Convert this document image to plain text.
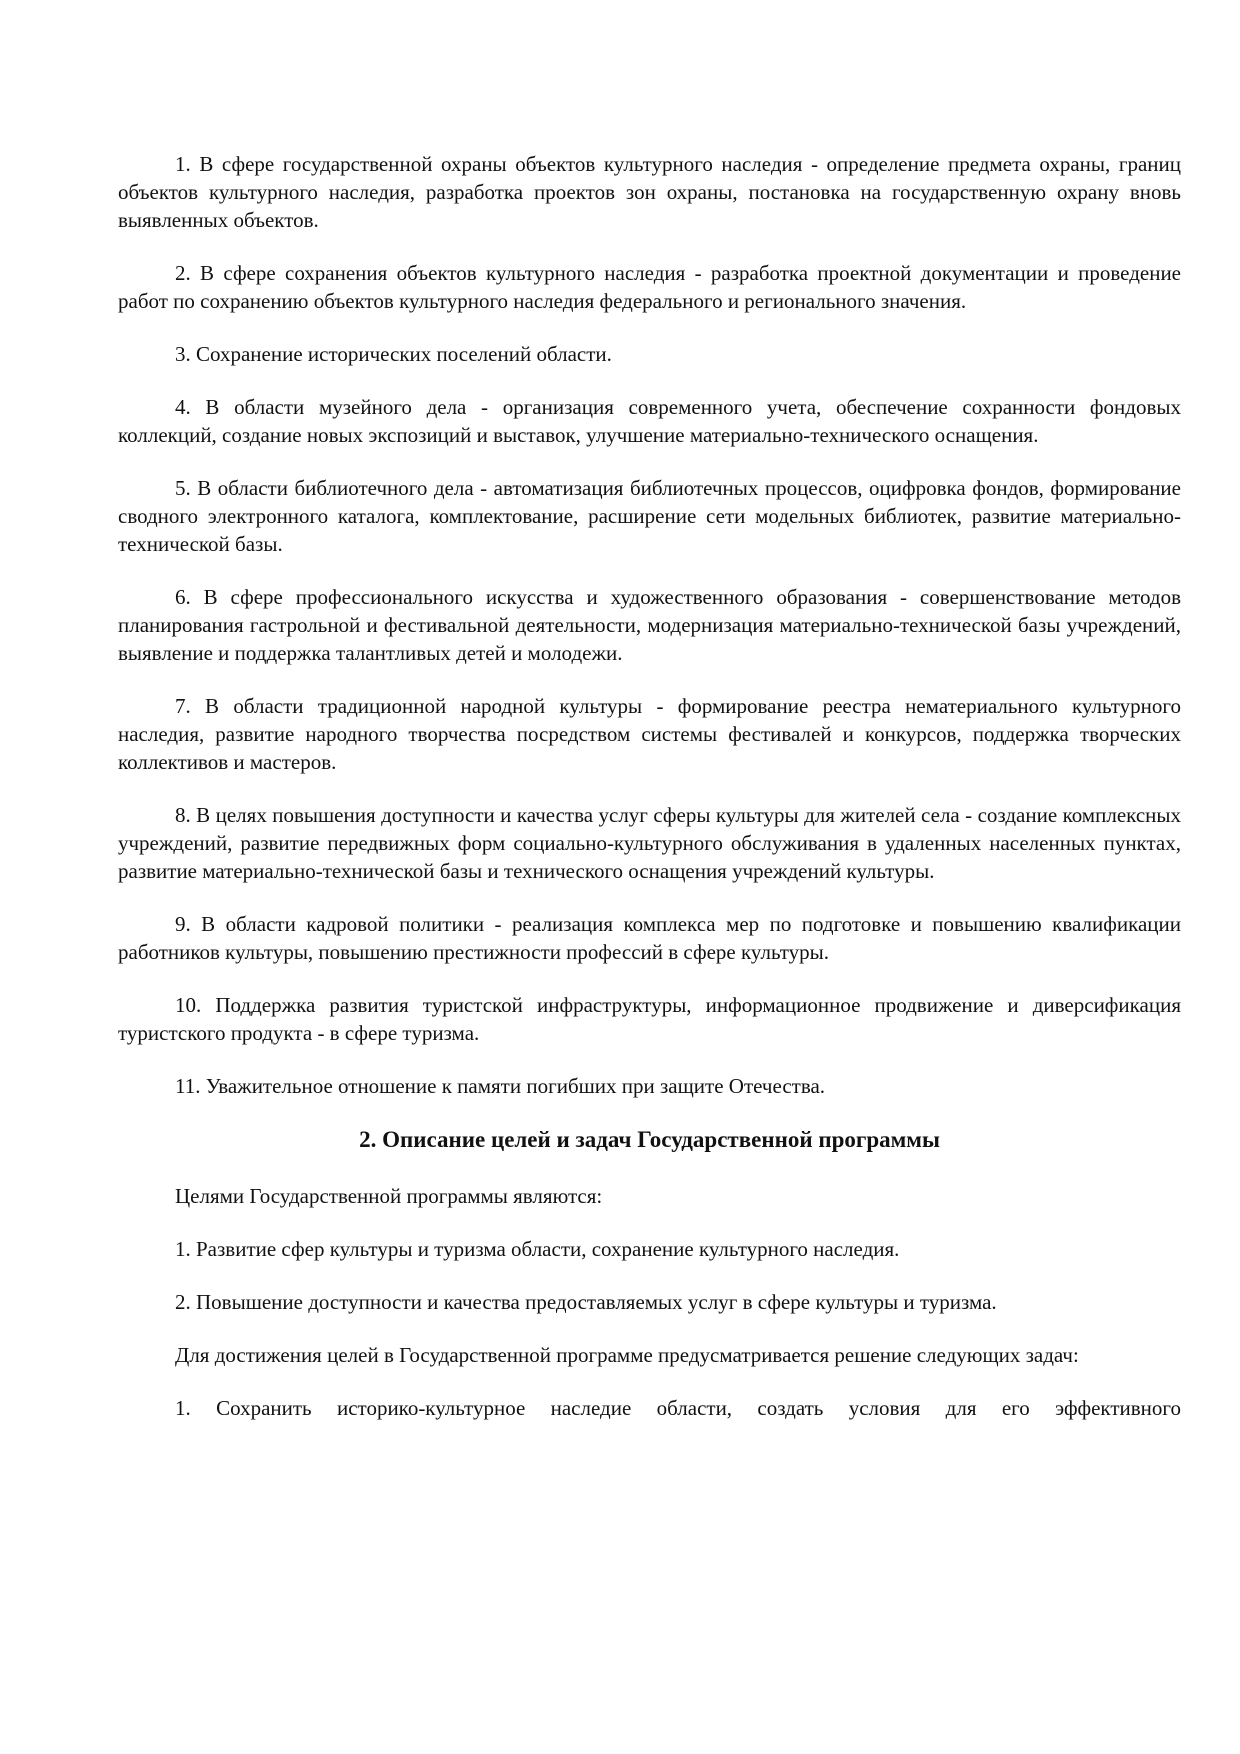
1. В сфере государственной охраны объектов культурного наследия - определение предмета охраны, границ объектов культурного наследия, разработка проектов зон охраны, постановка на государственную охрану вновь выявленных объектов.

2. В сфере сохранения объектов культурного наследия - разработка проектной документации и проведение работ по сохранению объектов культурного наследия федерального и регионального значения.

3. Сохранение исторических поселений области.

4. В области музейного дела - организация современного учета, обеспечение сохранности фондовых коллекций, создание новых экспозиций и выставок, улучшение материально-технического оснащения.

5. В области библиотечного дела - автоматизация библиотечных процессов, оцифровка фондов, формирование сводного электронного каталога, комплектование, расширение сети модельных библиотек, развитие материально-технической базы.

6. В сфере профессионального искусства и художественного образования - совершенствование методов планирования гастрольной и фестивальной деятельности, модернизация материально-технической базы учреждений, выявление и поддержка талантливых детей и молодежи.

7. В области традиционной народной культуры - формирование реестра нематериального культурного наследия, развитие народного творчества посредством системы фестивалей и конкурсов, поддержка творческих коллективов и мастеров.

8. В целях повышения доступности и качества услуг сферы культуры для жителей села - создание комплексных учреждений, развитие передвижных форм социально-культурного обслуживания в удаленных населенных пунктах, развитие материально-технической базы и технического оснащения учреждений культуры.

9. В области кадровой политики - реализация комплекса мер по подготовке и повышению квалификации работников культуры, повышению престижности профессий в сфере культуры.

10. Поддержка развития туристской инфраструктуры, информационное продвижение и диверсификация туристского продукта - в сфере туризма.

11. Уважительное отношение к памяти погибших при защите Отечества.

2. Описание целей и задач Государственной программы

Целями Государственной программы являются:

1. Развитие сфер культуры и туризма области, сохранение культурного наследия.

2. Повышение доступности и качества предоставляемых услуг в сфере культуры и туризма.

Для достижения целей в Государственной программе предусматривается решение следующих задач:

1. Сохранить историко-культурное наследие области, создать условия для его эффективного
